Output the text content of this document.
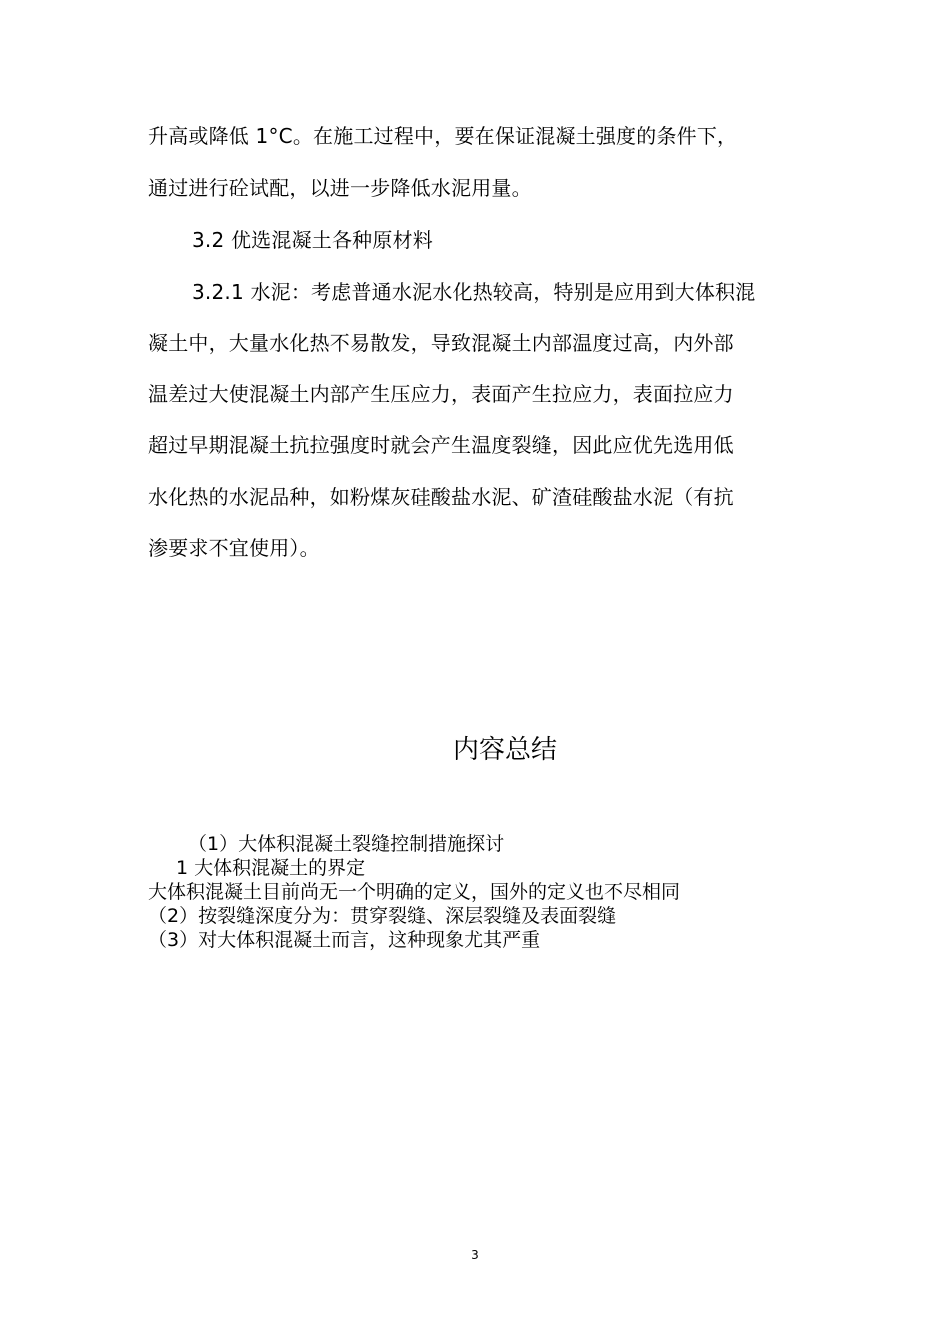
升高或降低 1°C。在施工过程中，要在保证混凝土强度的条件下，
通过进行砼试配，以进一步降低水泥用量。
3.2 优选混凝土各种原材料
3.2.1 水泥：考虑普通水泥水化热较高，特别是应用到大体积混
凝土中，大量水化热不易散发，导致混凝土内部温度过高，内外部
温差过大使混凝土内部产生压应力，表面产生拉应力，表面拉应力
超过早期混凝土抗拉强度时就会产生温度裂缝，因此应优先选用低
水化热的水泥品种，如粉煤灰硅酸盐水泥、矿渣硅酸盐水泥（有抗
渗要求不宜使用）。
内容总结
（1）大体积混凝土裂缝控制措施探讨
1 大体积混凝土的界定
大体积混凝土目前尚无一个明确的定义，国外的定义也不尽相同
（2）按裂缝深度分为：贯穿裂缝、深层裂缝及表面裂缝
（3）对大体积混凝土而言，这种现象尤其严重
3
